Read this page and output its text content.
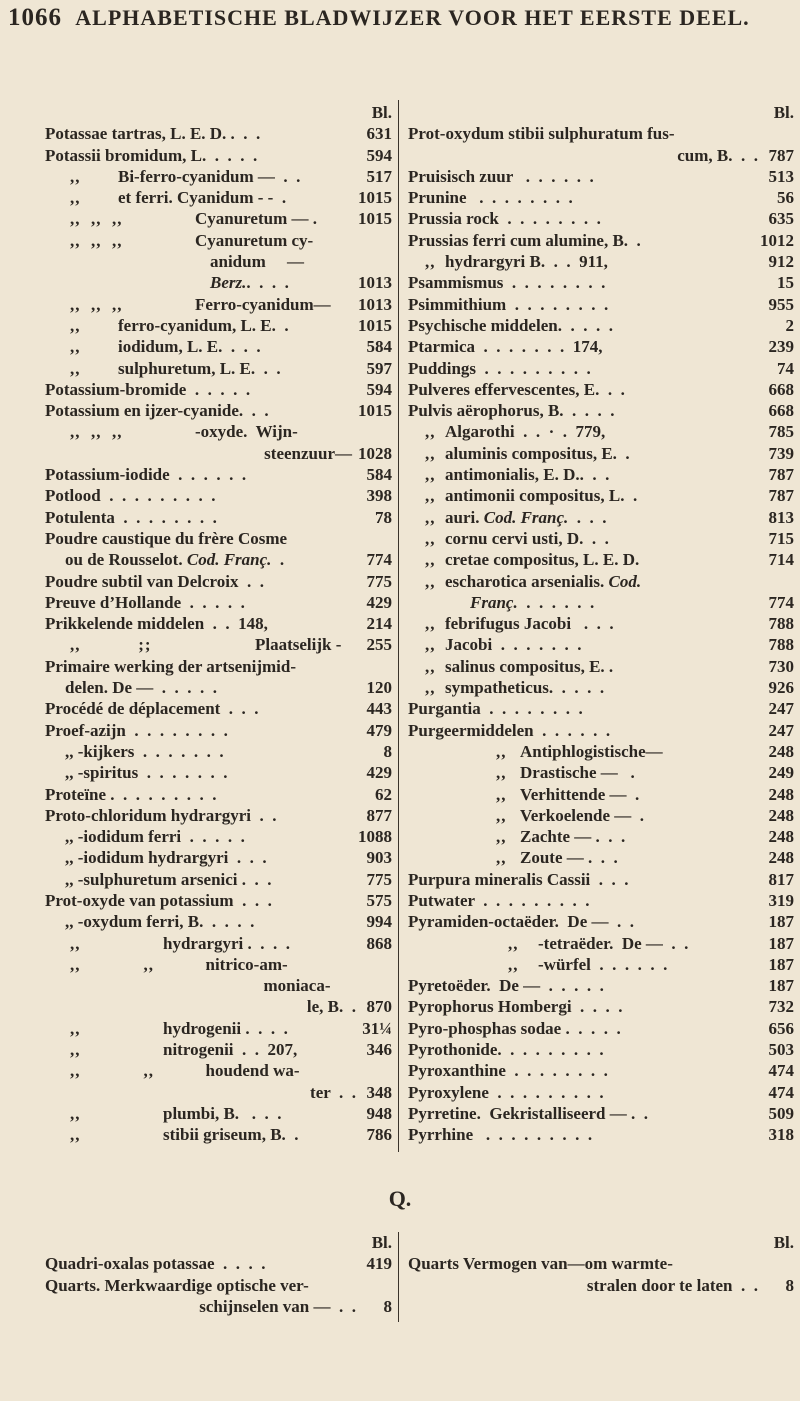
1066 ALPHABETISCHE BLADWIJZER VOOR HET EERSTE DEEL.
Bl.
Potassae tartras, L. E. D. .  .  .	631
Potassii bromidum, L.  .  .  .  .	594
,,	Bi-ferro-cyanidum —  .  .	517
,,	et ferri. Cyanidum - -  .	1015
,,  ,,  ,,	Cyanuretum — .	1015
,,  ,,  ,,	Cyanuretum cy-
anidum     —
Berz..  .  .  .	1013
,,  ,,  ,,	Ferro-cyanidum—	1013
,,	ferro-cyanidum, L. E.  .	1015
,,	iodidum, L. E.  .  .  .	584
,,	sulphuretum, L. E.  .  .	597
Potassium-bromide  .  .  .  .  .	594
Potassium en ijzer-cyanide.  .  .	1015
,,  ,,  ,,	-oxyde.  Wijn-
steenzuur— 1028
Potassium-iodide  .  .  .  .  .  .	584
Potlood  .  .  .  .  .  .  .  .  .	398
Potulenta  .  .  .  .  .  .  .  .	78
Poudre caustique du frère Cosme
ou de Rousselot. Cod. Franç.  .	774
Poudre subtil van Delcroix  .  .	775
Preuve d’Hollande  .  .  .  .  .	429
Prikkelende middelen  .  .  148,	214
,,           ;;	Plaatselijk -	255
Primaire werking der artsenijmid-
delen. De —  .  .  .  .  .	120
Procédé de déplacement  .  .  .	443
Proef-azijn  .  .  .  .  .  .  .  .	479
,, -kijkers  .  .  .  .  .  .  .	8
,, -spiritus  .  .  .  .  .  .  .	429
Proteïne .  .  .  .  .  .  .  .  .	62
Proto-chloridum hydrargyri  .  .	877
,, -iodidum ferri  .  .  .  .  .	1088
,, -iodidum hydrargyri  .  .  .	903
,, -sulphuretum arsenici .  .  .	775
Prot-oxyde van potassium  .  .  .	575
,, -oxydum ferri, B.  .  .  .  .	994
,,	hydrargyri .  .  .  .	868
,,            ,, nitrico-am-
moniaca-
le, B.  . 870
,,	hydrogenii .  .  .  .	31¼
,,	nitrogenii  .  .  207,	346
,,            ,, houdend wa-
ter  .  . 348
,,	plumbi, B.   .  .  .	948
,,	stibii griseum, B.  .	786
Bl.
Prot-oxydum stibii sulphuratum fus-
cum, B.  .  . 787
Pruisisch zuur   .  .  .  .  .  .	513
Prunine   .  .  .  .  .  .  .  .	56
Prussia rock  .  .  .  .  .  .  .  .	635
Prussias ferri cum alumine, B.  .	1012
,, hydrargyri B.  .  .  911,	912
Psammismus  .  .  .  .  .  .  .  .	15
Psimmithium  .  .  .  .  .  .  .  .	955
Psychische middelen.  .  .  .  .	2
Ptarmica  .  .  .  .  .  .  .  174,	239
Puddings  .  .  .  .  .  .  .  .  .	74
Pulveres effervescentes, E.  .  .	668
Pulvis aërophorus, B.  .  .  .  .	668
,, Algarothi  .  .  ·  .  779,	785
,, aluminis compositus, E.  .	739
,, antimonialis, E. D..  .  .	787
,, antimonii compositus, L.  .	787
,, auri. Cod. Franç.  .  .  .	813
,, cornu cervi usti, D.  .  .	715
,, cretae compositus, L. E. D.	714
,, escharotica arsenialis. Cod.
Franç.  .  .  .  .  .  .	774
,, febrifugus Jacobi   .  .  .	788
,, Jacobi  .  .  .  .  .  .  .	788
,, salinus compositus, E. .	730
,, sympatheticus.  .  .  .  .	926
Purgantia  .  .  .  .  .  .  .  .	247
Purgeermiddelen  .  .  .  .  .  .	247
,, Antiphlogistische—	248
,, Drastische —   .	249
,, Verhittende —  .	248
,, Verkoelende —  .	248
,, Zachte — .  .  .	248
,, Zoute — .  .  .	248
Purpura mineralis Cassii  .  .  .	817
Putwater  .  .  .  .  .  .  .  .  .	319
Pyramiden-octaëder.  De —  .  .	187
,,	-tetraëder.  De —  .  .	187
,,	-würfel  .  .  .  .  .  .	187
Pyretoëder.  De —  .  .  .  .  .	187
Pyrophorus Hombergi  .  .  .  .	732
Pyro-phosphas sodae .  .  .  .  .	656
Pyrothonide.  .  .  .  .  .  .  .  .	503
Pyroxanthine  .  .  .  .  .  .  .  .	474
Pyroxylene  .  .  .  .  .  .  .  .  .	474
Pyrretine.  Gekristalliseerd — .  .	509
Pyrrhine   .  .  .  .  .  .  .  .  .	318
Q.
Bl.
Quadri-oxalas potassae  .  .  .  .	419
Quarts. Merkwaardige optische ver-
schijnselen van —  .  .	8
Bl.
Quarts Vermogen van—om warmte-
stralen door te laten  .  .	8
